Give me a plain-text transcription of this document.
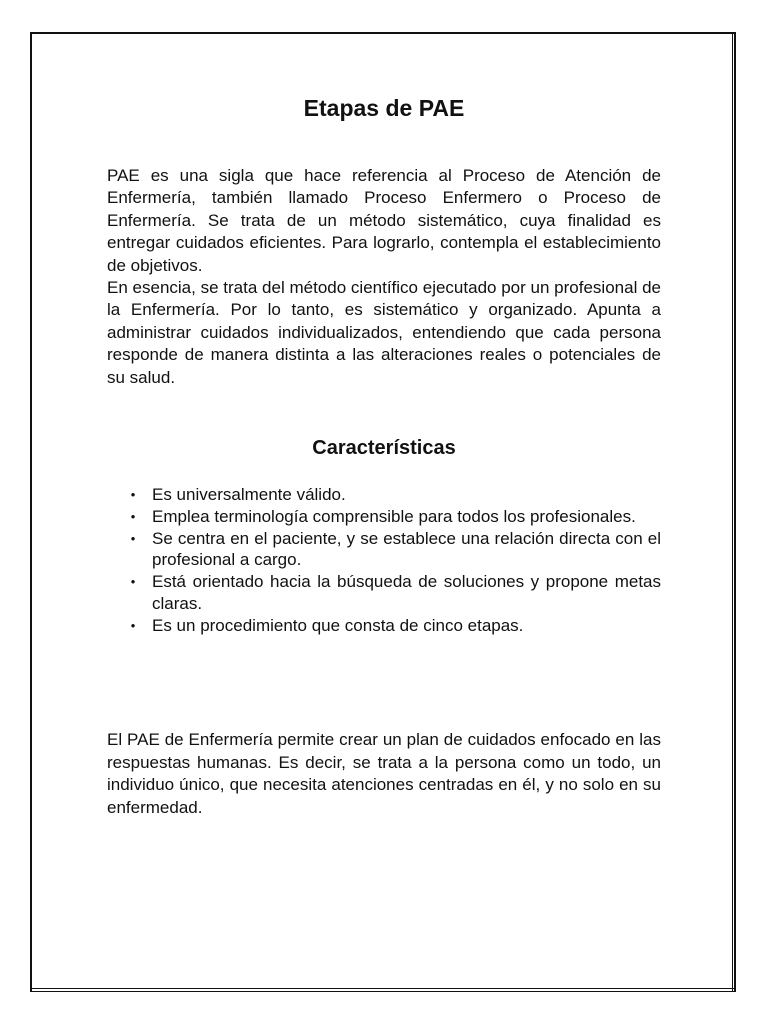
Etapas de PAE

PAE es una sigla que hace referencia al Proceso de Atención de Enfermería, también llamado Proceso Enfermero o Proceso de Enfermería. Se trata de un método sistemático, cuya finalidad es entregar cuidados eficientes. Para lograrlo, contempla el establecimiento de objetivos.

En esencia, se trata del método científico ejecutado por un profesional de la Enfermería. Por lo tanto, es sistemático y organizado. Apunta a administrar cuidados individualizados, entendiendo que cada persona responde de manera distinta a las alteraciones reales o potenciales de su salud.

Características
• Es universalmente válido.
• Emplea terminología comprensible para todos los profesionales.
• Se centra en el paciente, y se establece una relación directa con el profesional a cargo.
• Está orientado hacia la búsqueda de soluciones y propone metas claras.
• Es un procedimiento que consta de cinco etapas.

El PAE de Enfermería permite crear un plan de cuidados enfocado en las respuestas humanas. Es decir, se trata a la persona como un todo, un individuo único, que necesita atenciones centradas en él, y no solo en su enfermedad.
